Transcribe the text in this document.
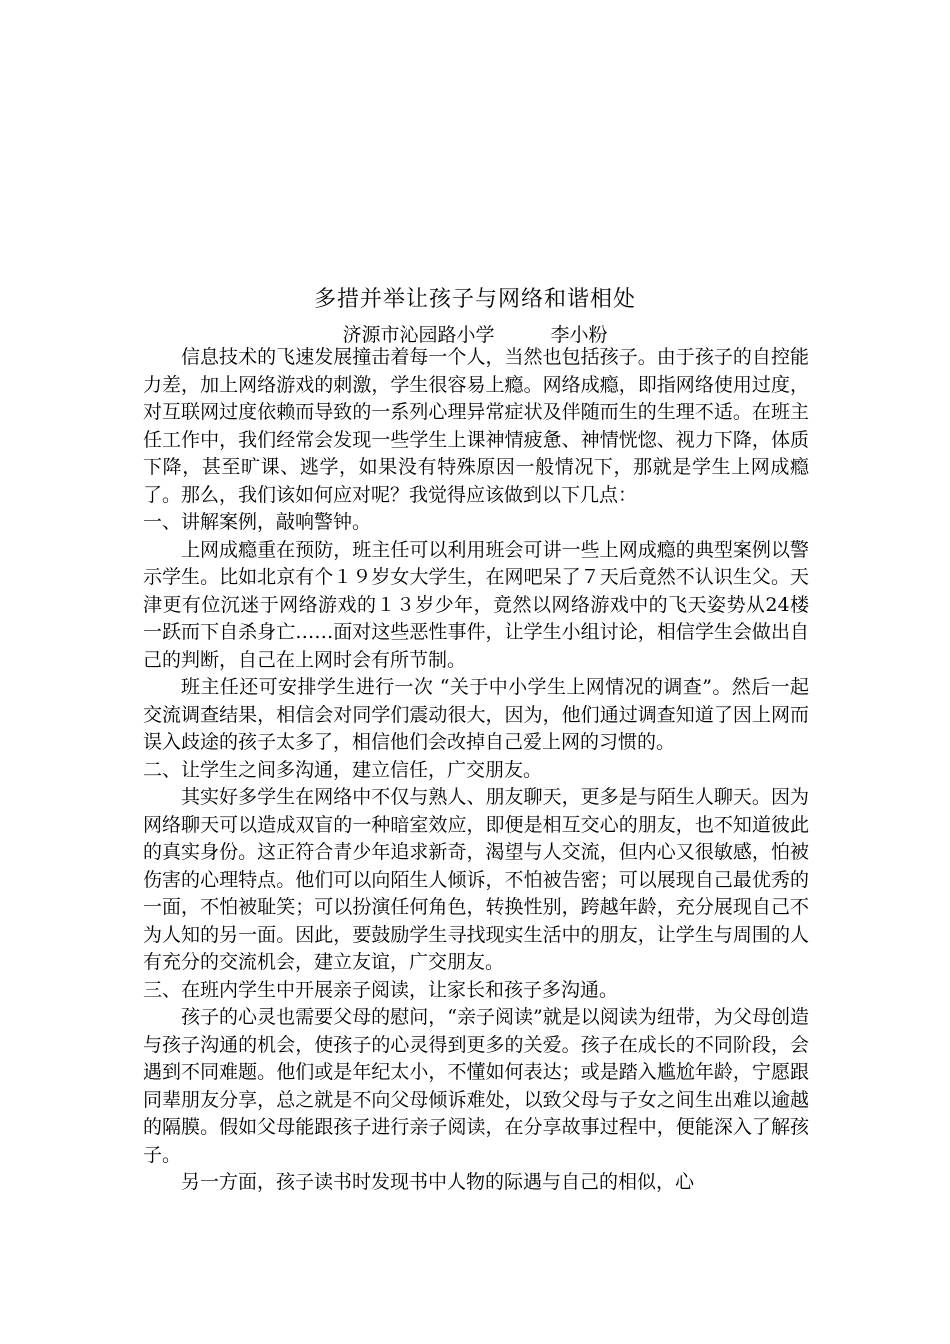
多措并举让孩子与网络和谐相处
济源市沁园路小学	李小粉

信息技术的飞速发展撞击着每一个人，当然也包括孩子。由于孩子的自控能力差，加上网络游戏的刺激，学生很容易上瘾。网络成瘾，即指网络使用过度，对互联网过度依赖而导致的一系列心理异常症状及伴随而生的生理不适。在班主任工作中，我们经常会发现一些学生上课神情疲惫、神情恍惚、视力下降，体质下降，甚至旷课、逃学，如果没有特殊原因一般情况下，那就是学生上网成瘾了。那么，我们该如何应对呢？我觉得应该做到以下几点：

一、讲解案例，敲响警钟。

上网成瘾重在预防，班主任可以利用班会可讲一些上网成瘾的典型案例以警示学生。比如北京有个１９岁女大学生，在网吧呆了７天后竟然不认识生父。天津更有位沉迷于网络游戏的１３岁少年，竟然以网络游戏中的飞天姿势从24楼一跃而下自杀身亡……面对这些恶性事件，让学生小组讨论，相信学生会做出自己的判断，自己在上网时会有所节制。

班主任还可安排学生进行一次 “关于中小学生上网情况的调查”。然后一起交流调查结果，相信会对同学们震动很大，因为，他们通过调查知道了因上网而误入歧途的孩子太多了，相信他们会改掉自己爱上网的习惯的。

二、让学生之间多沟通，建立信任，广交朋友。

其实好多学生在网络中不仅与熟人、朋友聊天，更多是与陌生人聊天。因为网络聊天可以造成双盲的一种暗室效应，即便是相互交心的朋友，也不知道彼此的真实身份。这正符合青少年追求新奇，渴望与人交流，但内心又很敏感，怕被伤害的心理特点。他们可以向陌生人倾诉，不怕被告密；可以展现自己最优秀的一面，不怕被耻笑；可以扮演任何角色，转换性别，跨越年龄，充分展现自己不为人知的另一面。因此，要鼓励学生寻找现实生活中的朋友，让学生与周围的人有充分的交流机会，建立友谊，广交朋友。

三、在班内学生中开展亲子阅读，让家长和孩子多沟通。

孩子的心灵也需要父母的慰问，“亲子阅读”就是以阅读为纽带，为父母创造与孩子沟通的机会，使孩子的心灵得到更多的关爱。孩子在成长的不同阶段，会遇到不同难题。他们或是年纪太小，不懂如何表达；或是踏入尴尬年龄，宁愿跟同辈朋友分享，总之就是不向父母倾诉难处，以致父母与子女之间生出难以逾越的隔膜。假如父母能跟孩子进行亲子阅读，在分享故事过程中，便能深入了解孩子。

另一方面，孩子读书时发现书中人物的际遇与自己的相似，心
